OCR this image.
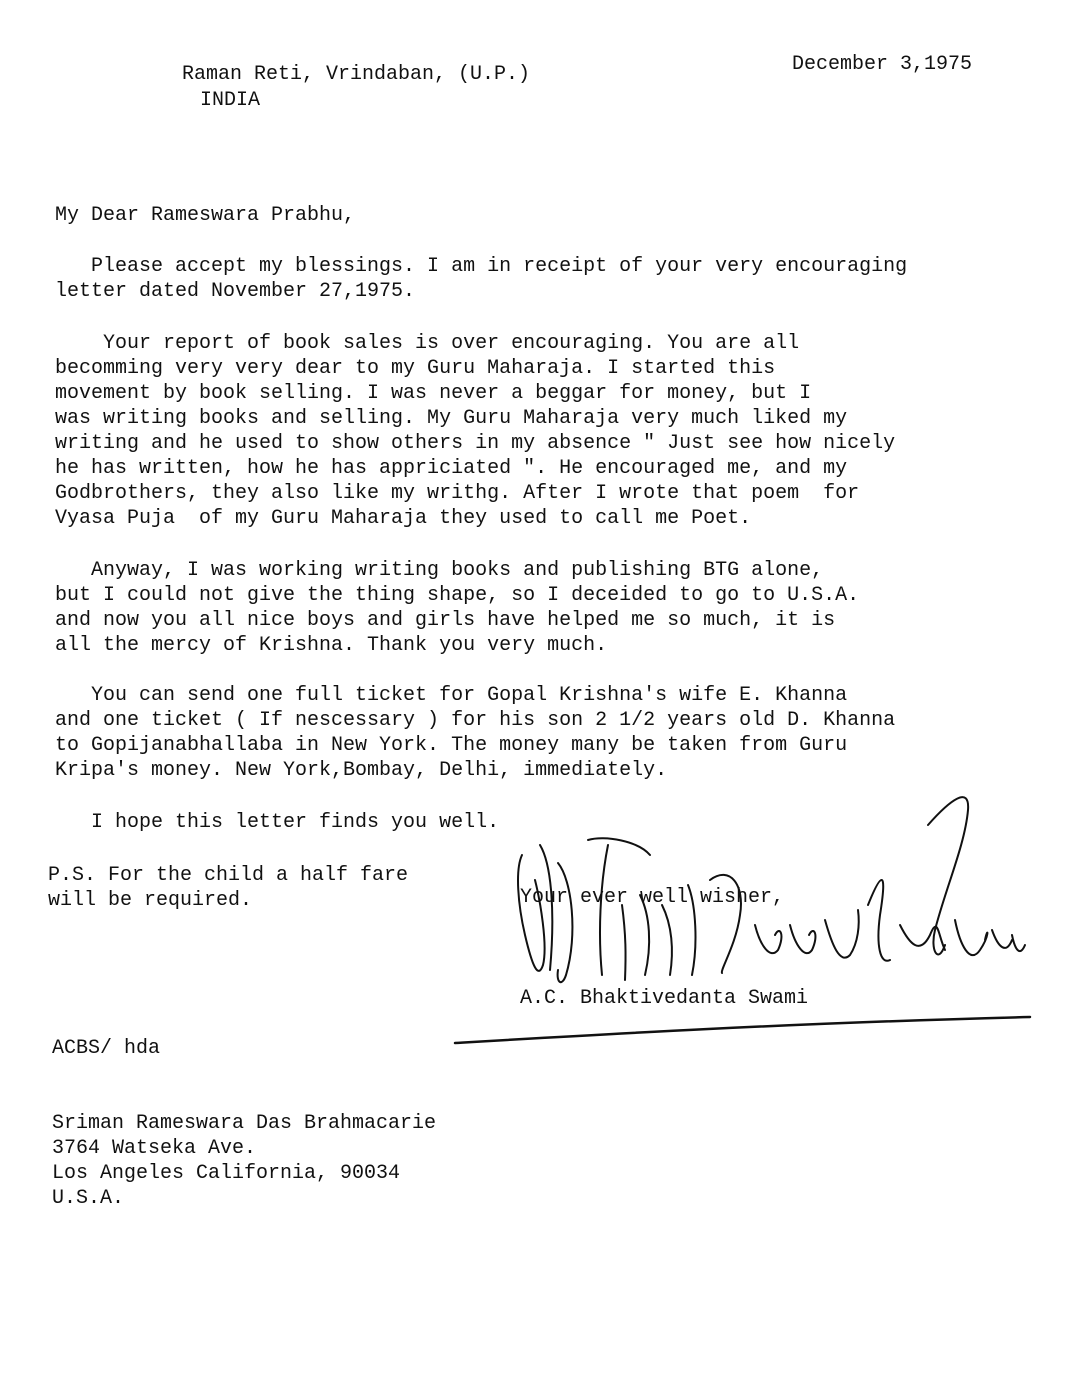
Raman Reti, Vrindaban, (U.P.)
INDIA
December 3,1975
My Dear Rameswara Prabhu,
Please accept my blessings. I am in receipt of your very encouraging
letter dated November 27,1975.
Your report of book sales is over encouraging. You are all
becomming very very dear to my Guru Maharaja. I started this
movement by book selling. I was never a beggar for money, but I
was writing books and selling. My Guru Maharaja very much liked my
writing and he used to show others in my absence " Just see how nicely
he has written, how he has appriciated ". He encouraged me, and my
Godbrothers, they also like my writhg. After I wrote that poem  for
Vyasa Puja  of my Guru Maharaja they used to call me Poet.
Anyway, I was working writing books and publishing BTG alone,
but I could not give the thing shape, so I deceided to go to U.S.A.
and now you all nice boys and girls have helped me so much, it is
all the mercy of Krishna. Thank you very much.
You can send one full ticket for Gopal Krishna's wife E. Khanna
and one ticket ( If nescessary ) for his son 2 1/2 years old D. Khanna
to Gopijanabhallaba in New York. The money many be taken from Guru
Kripa's money. New York,Bombay, Delhi, immediately.
I hope this letter finds you well.
P.S. For the child a half fare
will be required.	Your ever well wisher,
A.C. Bhaktivedanta Swami
ACBS/ hda
Sriman Rameswara Das Brahmacarie
3764 Watseka Ave.
Los Angeles California, 90034
U.S.A.
